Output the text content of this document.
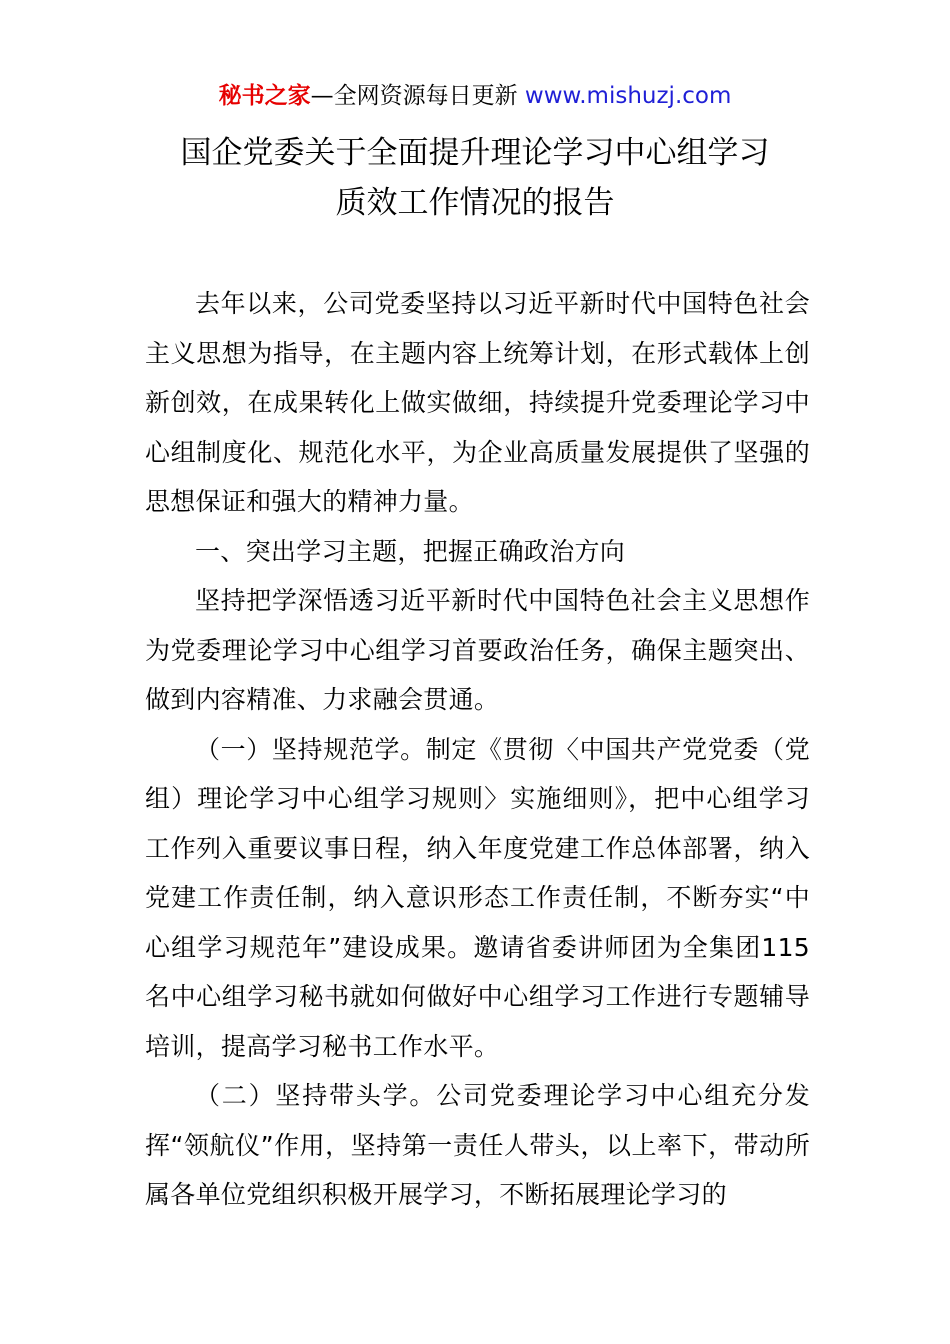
秘书之家—全网资源每日更新 www.mishuzj.com
国企党委关于全面提升理论学习中心组学习
质效工作情况的报告

去年以来，公司党委坚持以习近平新时代中国特色社会主义思想为指导，在主题内容上统筹计划，在形式载体上创新创效，在成果转化上做实做细，持续提升党委理论学习中心组制度化、规范化水平，为企业高质量发展提供了坚强的思想保证和强大的精神力量。

一、突出学习主题，把握正确政治方向

坚持把学深悟透习近平新时代中国特色社会主义思想作为党委理论学习中心组学习首要政治任务，确保主题突出、做到内容精准、力求融会贯通。

（一）坚持规范学。制定《贯彻〈中国共产党党委（党组）理论学习中心组学习规则〉实施细则》，把中心组学习工作列入重要议事日程，纳入年度党建工作总体部署，纳入党建工作责任制，纳入意识形态工作责任制，不断夯实“中心组学习规范年”建设成果。邀请省委讲师团为全集团115名中心组学习秘书就如何做好中心组学习工作进行专题辅导培训，提高学习秘书工作水平。

（二）坚持带头学。公司党委理论学习中心组充分发挥“领航仪”作用，坚持第一责任人带头，以上率下，带动所属各单位党组织积极开展学习，不断拓展理论学习的
